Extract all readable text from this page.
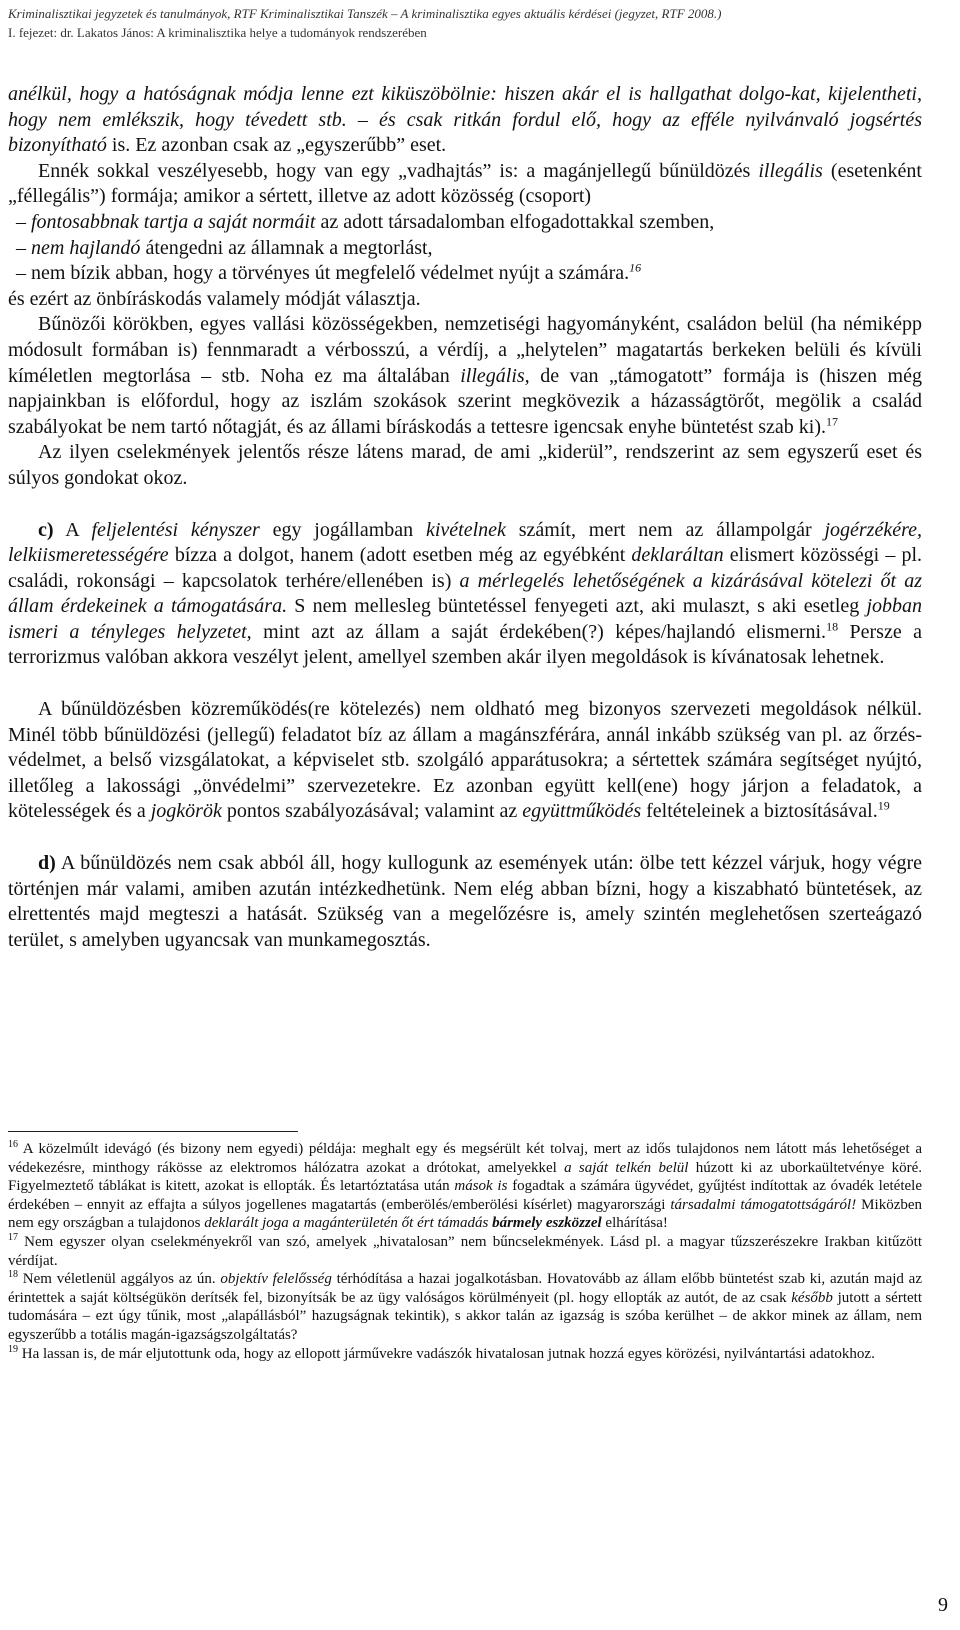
Kriminalisztikai jegyzetek és tanulmányok, RTF Kriminalisztikai Tanszék – A kriminalisztika egyes aktuális kérdései (jegyzet, RTF 2008.)
I. fejezet: dr. Lakatos János: A kriminalisztika helye a tudományok rendszerében

anélkül, hogy a hatóságnak módja lenne ezt kiküszöbölnie: hiszen akár el is hallgathat dolgo-kat, kijelentheti, hogy nem emlékszik, hogy tévedett stb. – és csak ritkán fordul elő, hogy az efféle nyilvánvaló jogsértés bizonyítható is. Ez azonban csak az „egyszerűbb” eset.

Ennék sokkal veszélyesebb, hogy van egy „vadhajtás” is: a magánjellegű bűnüldözés illegális (esetenként „féllegális”) formája; amikor a sértett, illetve az adott közösség (csoport)

– fontosabbnak tartja a saját normáit az adott társadalomban elfogadottakkal szemben,

– nem hajlandó átengedni az államnak a megtorlást,

– nem bízik abban, hogy a törvényes út megfelelő védelmet nyújt a számára.$^{16}$

és ezért az önbíráskodás valamely módját választja.

Bűnözői körökben, egyes vallási közösségekben, nemzetiségi hagyományként, családon belül (ha némiképp módosult formában is) fennmaradt a vérbosszú, a vérdíj, a „helytelen” magatartás berkeken belüli és kívüli kíméletlen megtorlása – stb. Noha ez ma általában illegális, de van „támogatott” formája is (hiszen még napjainkban is előfordul, hogy az iszlám szokások szerint megkövezik a házasságtörőt, megölik a család szabályokat be nem tartó nőtagját, és az állami bíráskodás a tettesre igencsak enyhe büntetést szab ki).$^{17}$

Az ilyen cselekmények jelentős része látens marad, de ami „kiderül”, rendszerint az sem egyszerű eset és súlyos gondokat okoz.

c) A feljelentési kényszer egy jogállamban kivételnek számít, mert nem az állampolgár jogérzékére, lelkiismeretességére bízza a dolgot, hanem (adott esetben még az egyébként deklaráltan elismert közösségi – pl. családi, rokonsági – kapcsolatok terhére/ellenében is) a mérlegelés lehetőségének a kizárásával kötelezi őt az állam érdekeinek a támogatására. S nem mellesleg büntetéssel fenyegeti azt, aki mulaszt, s aki esetleg jobban ismeri a tényleges helyzetet, mint azt az állam a saját érdekében(?) képes/hajlandó elismerni.$^{18}$ Persze a terrorizmus valóban akkora veszélyt jelent, amellyel szemben akár ilyen megoldások is kívánatosak lehetnek.

A bűnüldözésben közreműködés(re kötelezés) nem oldható meg bizonyos szervezeti megoldások nélkül. Minél több bűnüldözési (jellegű) feladatot bíz az állam a magánszférára, annál inkább szükség van pl. az őrzés-védelmet, a belső vizsgálatokat, a képviselet stb. szolgáló apparátusokra; a sértettek számára segítséget nyújtó, illetőleg a lakossági „önvédelmi” szervezetekre. Ez azonban együtt kell(ene) hogy járjon a feladatok, a kötelességek és a jogkörök pontos szabályozásával; valamint az együttműködés feltételeinek a biztosításával.$^{19}$

d) A bűnüldözés nem csak abból áll, hogy kullogunk az események után: ölbe tett kézzel várjuk, hogy végre történjen már valami, amiben azután intézkedhetünk. Nem elég abban bízni, hogy a kiszabható büntetések, az elrettentés majd megteszi a hatását. Szükség van a megelőzésre is, amely szintén meglehetősen szerteágazó terület, s amelyben ugyancsak van munkamegosztás.

$^{16}$ A közelmúlt idevágó (és bizony nem egyedi) példája: meghalt egy és megsérült két tolvaj, mert az idős tulajdonos nem látott más lehetőséget a védekezésre, minthogy rákösse az elektromos hálózatra azokat a drótokat, amelyekkel a saját telkén belül húzott ki az uborkaültetvénye köré. Figyelmeztető táblákat is kitett, azokat is ellopták. És letartóztatása után mások is fogadtak a számára ügyvédet, gyűjtést indítottak az óvadék letétele érdekében – ennyit az effajta a súlyos jogellenes magatartás (emberölés/emberölési kísérlet) magyarországi társadalmi támogatottságáról! Miközben nem egy országban a tulajdonos deklarált joga a magánterületén őt ért támadás bármely eszközzel elhárítása!

$^{17}$ Nem egyszer olyan cselekményekről van szó, amelyek „hivatalosan” nem bűncselekmények. Lásd pl. a magyar tűzszerészekre Irakban kitűzött vérdíjat.

$^{18}$ Nem véletlenül aggályos az ún. objektív felelősség térhódítása a hazai jogalkotásban. Hovatovább az állam előbb büntetést szab ki, azután majd az érintettek a saját költségükön derítsék fel, bizonyítsák be az ügy valóságos körülményeit (pl. hogy ellopták az autót, de az csak később jutott a sértett tudomására – ezt úgy tűnik, most „alapállásból” hazugságnak tekintik), s akkor talán az igazság is szóba kerülhet – de akkor minek az állam, nem egyszerűbb a totális magán-igazságszolgáltatás?

$^{19}$ Ha lassan is, de már eljutottunk oda, hogy az ellopott járművekre vadászók hivatalosan jutnak hozzá egyes körözési, nyilvántartási adatokhoz.

9
